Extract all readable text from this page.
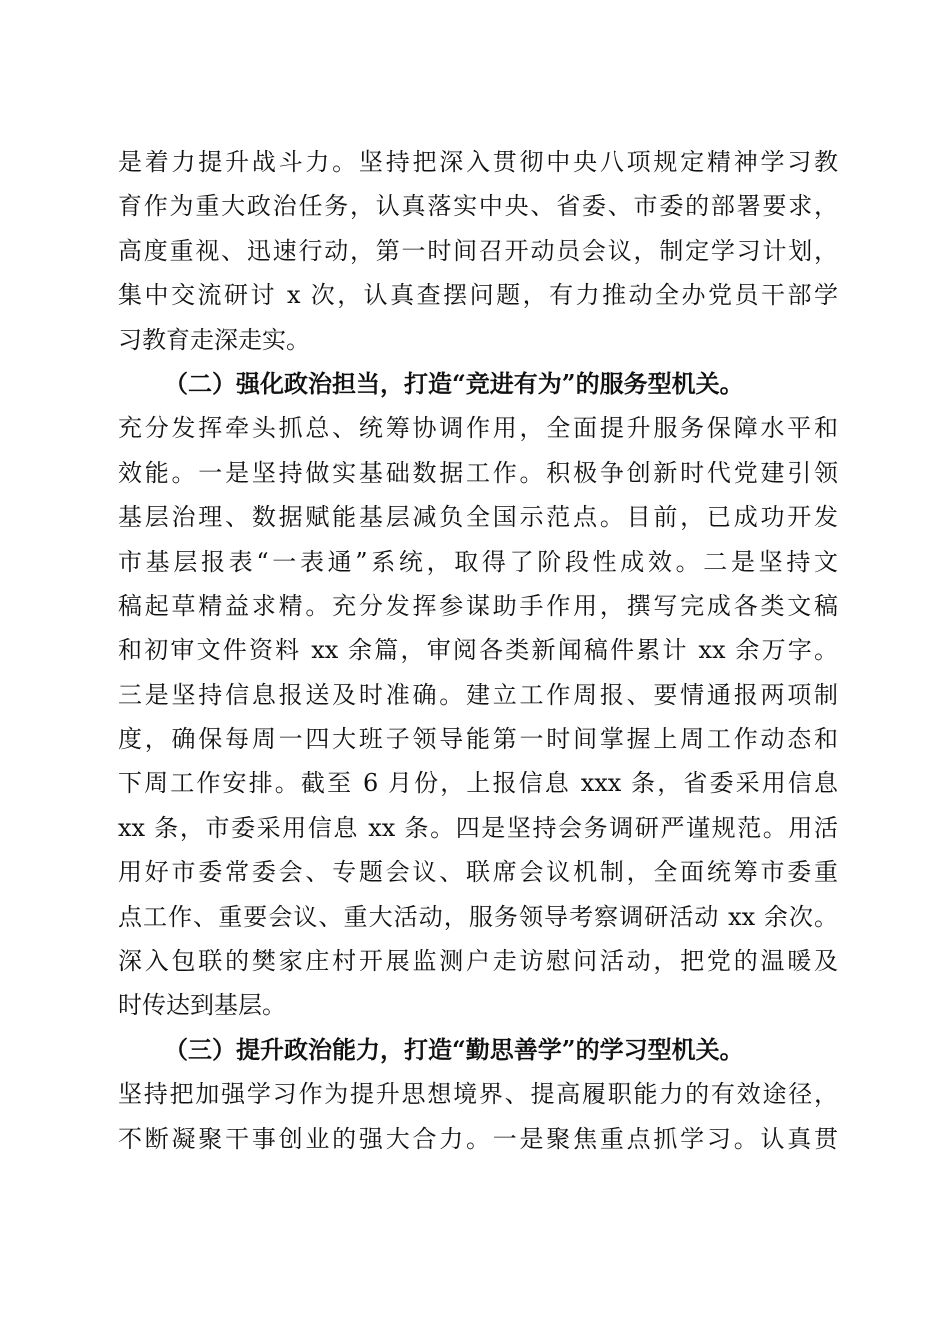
是着力提升战斗力。坚持把深入贯彻中央八项规定精神学习教

育作为重大政治任务，认真落实中央、省委、市委的部署要求，

高度重视、迅速行动，第一时间召开动员会议，制定学习计划，

集中交流研讨 x 次，认真查摆问题，有力推动全办党员干部学

习教育走深走实。

（二）强化政治担当，打造“竞进有为”的服务型机关。

充分发挥牵头抓总、统筹协调作用，全面提升服务保障水平和

效能。一是坚持做实基础数据工作。积极争创新时代党建引领

基层治理、数据赋能基层减负全国示范点。目前，已成功开发

市基层报表“一表通”系统，取得了阶段性成效。二是坚持文

稿起草精益求精。充分发挥参谋助手作用，撰写完成各类文稿

和初审文件资料 xx 余篇，审阅各类新闻稿件累计 xx 余万字。

三是坚持信息报送及时准确。建立工作周报、要情通报两项制

度，确保每周一四大班子领导能第一时间掌握上周工作动态和

下周工作安排。截至 6 月份，上报信息 xxx 条，省委采用信息

xx 条，市委采用信息 xx 条。四是坚持会务调研严谨规范。用活

用好市委常委会、专题会议、联席会议机制，全面统筹市委重

点工作、重要会议、重大活动，服务领导考察调研活动 xx 余次。

深入包联的樊家庄村开展监测户走访慰问活动，把党的温暖及

时传达到基层。

（三）提升政治能力，打造“勤思善学”的学习型机关。

坚持把加强学习作为提升思想境界、提高履职能力的有效途径，

不断凝聚干事创业的强大合力。一是聚焦重点抓学习。认真贯
